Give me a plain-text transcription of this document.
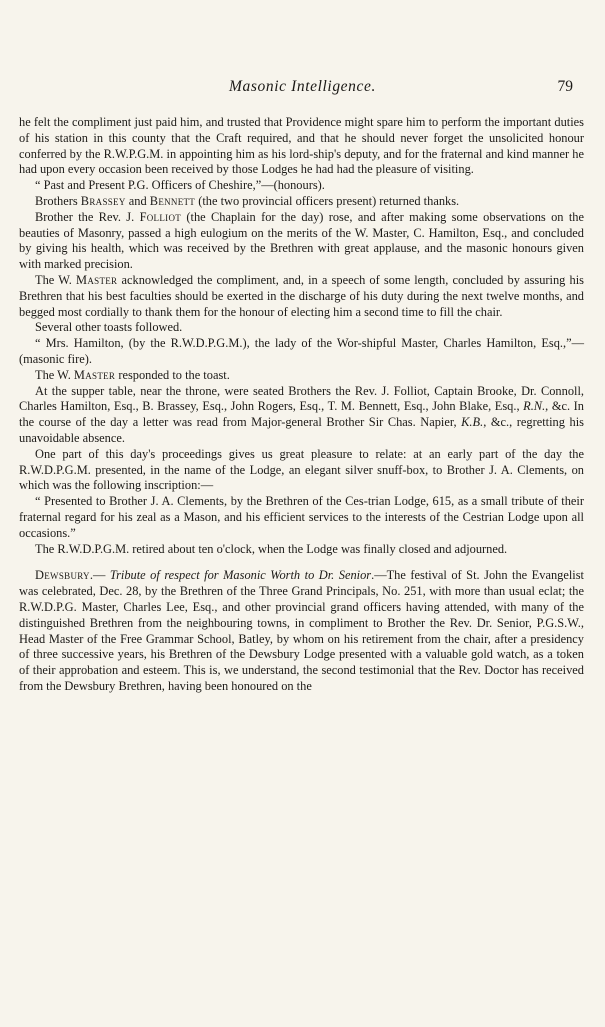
Masonic Intelligence.	79

he felt the compliment just paid him, and trusted that Providence might spare him to perform the important duties of his station in this county that the Craft required, and that he should never forget the unsolicited honour conferred by the R.W.P.G.M. in appointing him as his lord-ship's deputy, and for the fraternal and kind manner he had upon every occasion been received by those Lodges he had had the pleasure of visiting.

“ Past and Present P.G. Officers of Cheshire,”—(honours).

Brothers Brassey and Bennett (the two provincial officers present) returned thanks.

Brother the Rev. J. Folliot (the Chaplain for the day) rose, and after making some observations on the beauties of Masonry, passed a high eulogium on the merits of the W. Master, C. Hamilton, Esq., and concluded by giving his health, which was received by the Brethren with great applause, and the masonic honours given with marked precision.

The W. Master acknowledged the compliment, and, in a speech of some length, concluded by assuring his Brethren that his best faculties should be exerted in the discharge of his duty during the next twelve months, and begged most cordially to thank them for the honour of electing him a second time to fill the chair.

Several other toasts followed.

“ Mrs. Hamilton, (by the R.W.D.P.G.M.), the lady of the Wor-shipful Master, Charles Hamilton, Esq.,”—(masonic fire).

The W. Master responded to the toast.

At the supper table, near the throne, were seated Brothers the Rev. J. Folliot, Captain Brooke, Dr. Connoll, Charles Hamilton, Esq., B. Brassey, Esq., John Rogers, Esq., T. M. Bennett, Esq., John Blake, Esq., R.N., &c. In the course of the day a letter was read from Major-general Brother Sir Chas. Napier, K.B., &c., regretting his unavoidable absence.

One part of this day's proceedings gives us great pleasure to relate: at an early part of the day the R.W.D.P.G.M. presented, in the name of the Lodge, an elegant silver snuff-box, to Brother J. A. Clements, on which was the following inscription:—

“ Presented to Brother J. A. Clements, by the Brethren of the Ces-trian Lodge, 615, as a small tribute of their fraternal regard for his zeal as a Mason, and his efficient services to the interests of the Cestrian Lodge upon all occasions.”

The R.W.D.P.G.M. retired about ten o'clock, when the Lodge was finally closed and adjourned.

Dewsbury.— Tribute of respect for Masonic Worth to Dr. Senior.—The festival of St. John the Evangelist was celebrated, Dec. 28, by the Brethren of the Three Grand Principals, No. 251, with more than usual eclat; the R.W.D.P.G. Master, Charles Lee, Esq., and other provincial grand officers having attended, with many of the distinguished Brethren from the neighbouring towns, in compliment to Brother the Rev. Dr. Senior, P.G.S.W., Head Master of the Free Grammar School, Batley, by whom on his retirement from the chair, after a presidency of three successive years, his Brethren of the Dewsbury Lodge presented with a valuable gold watch, as a token of their approbation and esteem. This is, we understand, the second testimonial that the Rev. Doctor has received from the Dewsbury Brethren, having been honoured on the
